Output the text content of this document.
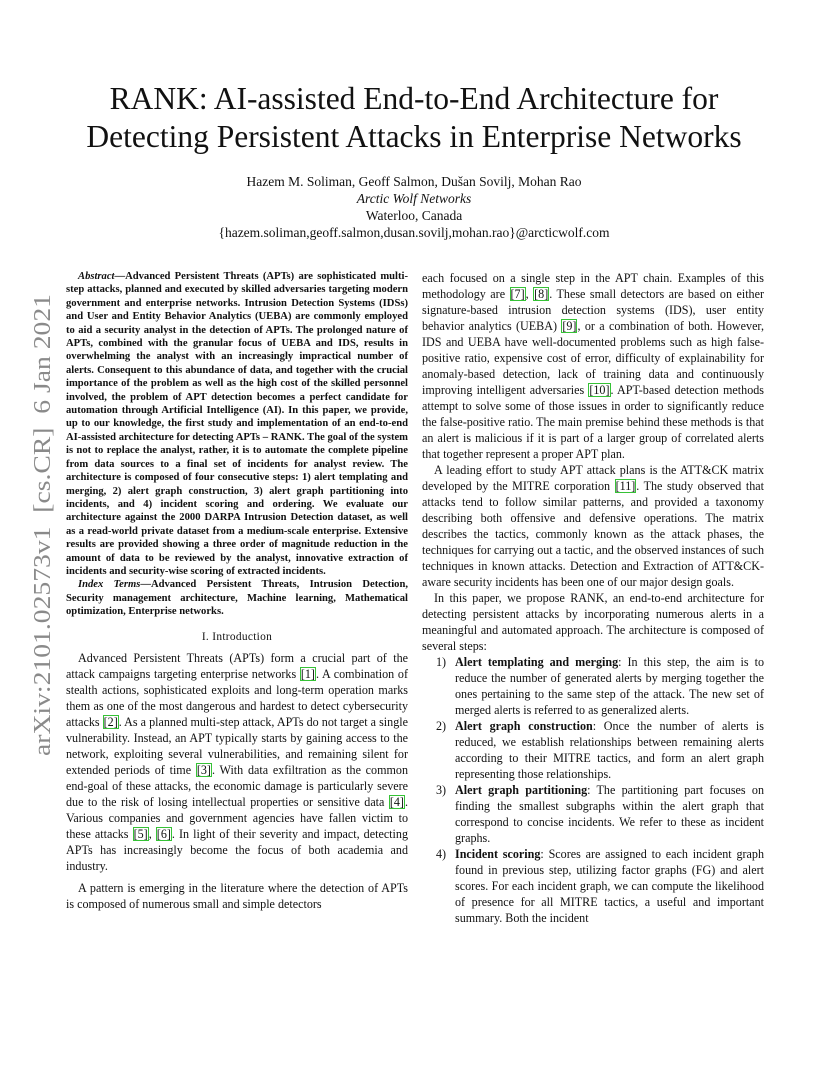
arXiv:2101.02573v1  [cs.CR]  6 Jan 2021
RANK: AI-assisted End-to-End Architecture for
Detecting Persistent Attacks in Enterprise Networks
Hazem M. Soliman, Geoff Salmon, Dušan Sovilj, Mohan Rao
Arctic Wolf Networks
Waterloo, Canada
{hazem.soliman,geoff.salmon,dusan.sovilj,mohan.rao}@arcticwolf.com

Abstract—Advanced Persistent Threats (APTs) are sophisticated multi-step attacks, planned and executed by skilled adversaries targeting modern government and enterprise networks. Intrusion Detection Systems (IDSs) and User and Entity Behavior Analytics (UEBA) are commonly employed to aid a security analyst in the detection of APTs. The prolonged nature of APTs, combined with the granular focus of UEBA and IDS, results in overwhelming the analyst with an increasingly impractical number of alerts. Consequent to this abundance of data, and together with the crucial importance of the problem as well as the high cost of the skilled personnel involved, the problem of APT detection becomes a perfect candidate for automation through Artificial Intelligence (AI). In this paper, we provide, up to our knowledge, the first study and implementation of an end-to-end AI-assisted architecture for detecting APTs – RANK. The goal of the system is not to replace the analyst, rather, it is to automate the complete pipeline from data sources to a final set of incidents for analyst review. The architecture is composed of four consecutive steps: 1) alert templating and merging, 2) alert graph construction, 3) alert graph partitioning into incidents, and 4) incident scoring and ordering. We evaluate our architecture against the 2000 DARPA Intrusion Detection dataset, as well as a read-world private dataset from a medium-scale enterprise. Extensive results are provided showing a three order of magnitude reduction in the amount of data to be reviewed by the analyst, innovative extraction of incidents and security-wise scoring of extracted incidents.

Index Terms—Advanced Persistent Threats, Intrusion Detection, Security management architecture, Machine learning, Mathematical optimization, Enterprise networks.

I. Introduction

Advanced Persistent Threats (APTs) form a crucial part of the attack campaigns targeting enterprise networks [1]. A combination of stealth actions, sophisticated exploits and long-term operation marks them as one of the most dangerous and hardest to detect cybersecurity attacks [2]. As a planned multi-step attack, APTs do not target a single vulnerability. Instead, an APT typically starts by gaining access to the network, exploiting several vulnerabilities, and remaining silent for extended periods of time [3]. With data exfiltration as the common end-goal of these attacks, the economic damage is particularly severe due to the risk of losing intellectual properties or sensitive data [4]. Various companies and government agencies have fallen victim to these attacks [5], [6]. In light of their severity and impact, detecting APTs has increasingly become the focus of both academia and industry.

A pattern is emerging in the literature where the detection of APTs is composed of numerous small and simple detectors

each focused on a single step in the APT chain. Examples of this methodology are [7], [8]. These small detectors are based on either signature-based intrusion detection systems (IDS), user entity behavior analytics (UEBA) [9], or a combination of both. However, IDS and UEBA have well-documented problems such as high false-positive ratio, expensive cost of error, difficulty of explainability for anomaly-based detection, lack of training data and continuously improving intelligent adversaries [10]. APT-based detection methods attempt to solve some of those issues in order to significantly reduce the false-positive ratio. The main premise behind these methods is that an alert is malicious if it is part of a larger group of correlated alerts that together represent a proper APT plan.

A leading effort to study APT attack plans is the ATT&CK matrix developed by the MITRE corporation [11]. The study observed that attacks tend to follow similar patterns, and provided a taxonomy describing both offensive and defensive operations. The matrix describes the tactics, commonly known as the attack phases, the techniques for carrying out a tactic, and the observed instances of such techniques in known attacks. Detection and Extraction of ATT&CK-aware security incidents has been one of our major design goals.

In this paper, we propose RANK, an end-to-end architecture for detecting persistent attacks by incorporating numerous alerts in a meaningful and automated approach. The architecture is composed of several steps:

1) Alert templating and merging: In this step, the aim is to reduce the number of generated alerts by merging together the ones pertaining to the same step of the attack. The new set of merged alerts is referred to as generalized alerts.
2) Alert graph construction: Once the number of alerts is reduced, we establish relationships between remaining alerts according to their MITRE tactics, and form an alert graph representing those relationships.
3) Alert graph partitioning: The partitioning part focuses on finding the smallest subgraphs within the alert graph that correspond to concise incidents. We refer to these as incident graphs.
4) Incident scoring: Scores are assigned to each incident graph found in previous step, utilizing factor graphs (FG) and alert scores. For each incident graph, we can compute the likelihood of presence for all MITRE tactics, a useful and important summary. Both the incident
